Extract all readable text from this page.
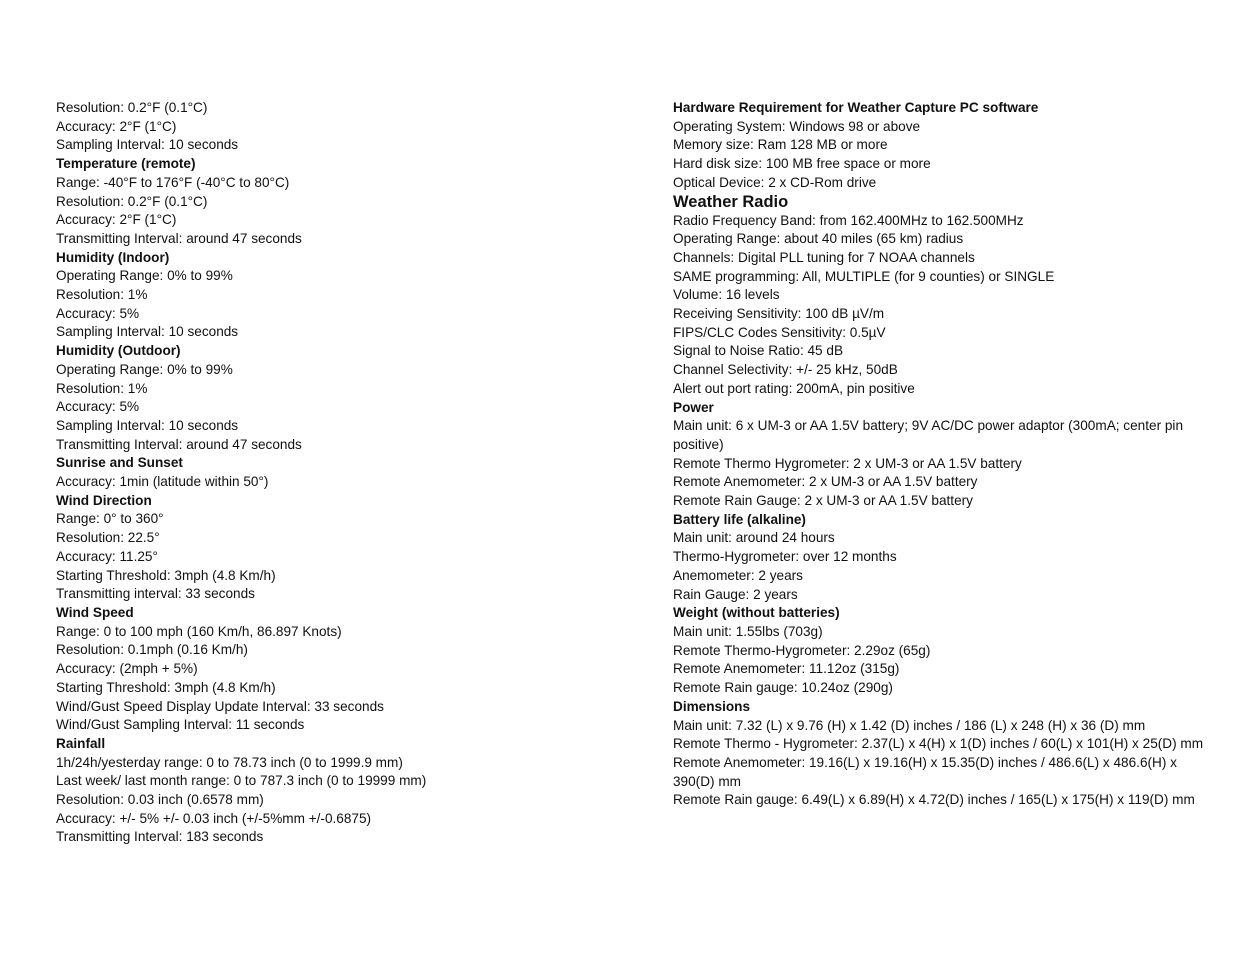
Resolution: 0.2°F (0.1°C)
Accuracy: 2°F (1°C)
Sampling Interval: 10 seconds
Temperature (remote)
Range: -40°F to 176°F (-40°C to 80°C)
Resolution: 0.2°F (0.1°C)
Accuracy: 2°F (1°C)
Transmitting Interval: around 47 seconds
Humidity (Indoor)
Operating Range: 0% to 99%
Resolution: 1%
Accuracy: 5%
Sampling Interval: 10 seconds
Humidity (Outdoor)
Operating Range: 0% to 99%
Resolution: 1%
Accuracy: 5%
Sampling Interval: 10 seconds
Transmitting Interval: around 47 seconds
Sunrise and Sunset
Accuracy: 1min (latitude within 50°)
Wind Direction
Range: 0° to 360°
Resolution: 22.5°
Accuracy: 11.25°
Starting Threshold: 3mph (4.8 Km/h)
Transmitting interval: 33 seconds
Wind Speed
Range: 0 to 100 mph (160 Km/h, 86.897 Knots)
Resolution: 0.1mph (0.16 Km/h)
Accuracy: (2mph + 5%)
Starting Threshold: 3mph (4.8 Km/h)
Wind/Gust Speed Display Update Interval: 33 seconds
Wind/Gust Sampling Interval: 11 seconds
Rainfall
1h/24h/yesterday range: 0 to 78.73 inch (0 to 1999.9 mm)
Last week/ last month range: 0 to 787.3 inch (0 to 19999 mm)
Resolution: 0.03 inch (0.6578 mm)
Accuracy: +/- 5% +/- 0.03 inch (+/-5%mm +/-0.6875)
Transmitting Interval: 183 seconds
Hardware Requirement for Weather Capture PC software
Operating System: Windows 98 or above
Memory size: Ram 128 MB or more
Hard disk size: 100 MB free space or more
Optical Device: 2 x CD-Rom drive
Weather Radio
Radio Frequency Band: from 162.400MHz to 162.500MHz
Operating Range: about 40 miles (65 km) radius
Channels: Digital PLL tuning for 7 NOAA channels
SAME programming: All, MULTIPLE (for 9 counties) or SINGLE
Volume: 16 levels
Receiving Sensitivity: 100 dB µV/m
FIPS/CLC Codes Sensitivity: 0.5µV
Signal to Noise Ratio: 45 dB
Channel Selectivity: +/- 25 kHz, 50dB
Alert out port rating: 200mA, pin positive
Power
Main unit: 6 x UM-3 or AA 1.5V battery; 9V AC/DC power adaptor (300mA; center pin positive)
Remote Thermo Hygrometer: 2 x UM-3 or AA 1.5V battery
Remote Anemometer: 2 x UM-3 or AA 1.5V battery
Remote Rain Gauge: 2 x UM-3 or AA 1.5V battery
Battery life (alkaline)
Main unit: around 24 hours
Thermo-Hygrometer: over 12 months
Anemometer: 2 years
Rain Gauge: 2 years
Weight (without batteries)
Main unit: 1.55lbs (703g)
Remote Thermo-Hygrometer: 2.29oz (65g)
Remote Anemometer: 11.12oz (315g)
Remote Rain gauge: 10.24oz (290g)
Dimensions
Main unit: 7.32 (L) x 9.76 (H) x 1.42 (D) inches / 186 (L) x 248 (H) x 36 (D) mm
Remote Thermo - Hygrometer: 2.37(L) x 4(H) x 1(D) inches / 60(L) x 101(H) x 25(D) mm
Remote Anemometer: 19.16(L) x 19.16(H) x 15.35(D) inches / 486.6(L) x 486.6(H) x 390(D) mm
Remote Rain gauge: 6.49(L) x 6.89(H) x 4.72(D) inches / 165(L) x 175(H) x 119(D) mm
